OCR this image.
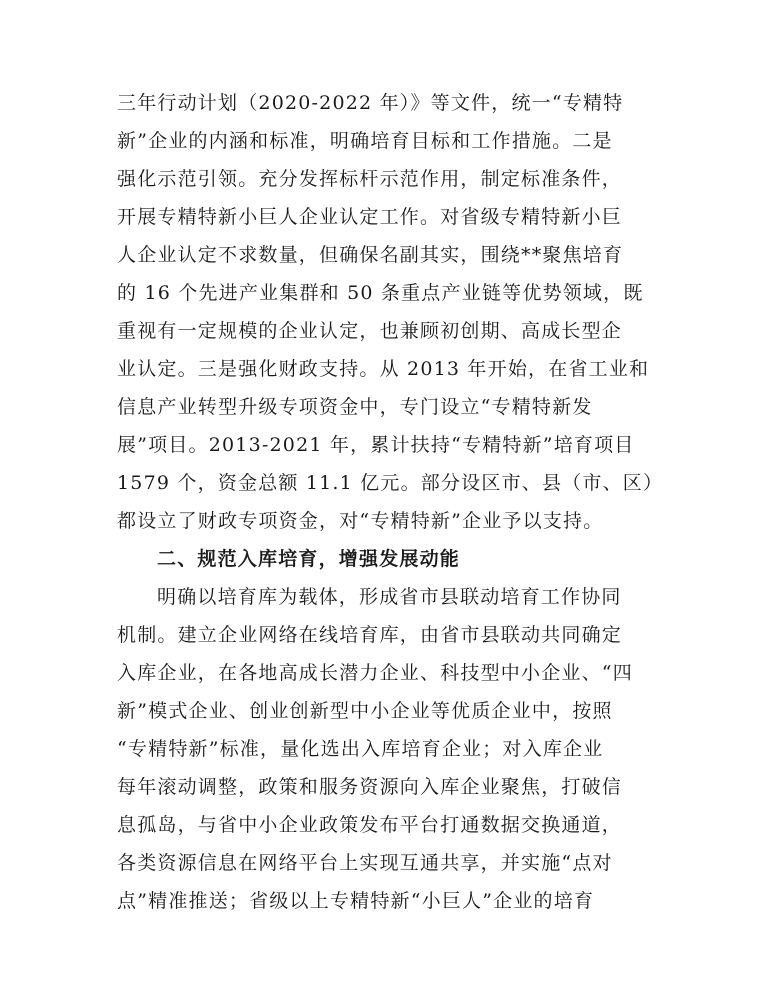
三年行动计划（2020-2022 年）》等文件，统一“专精特
新”企业的内涵和标准，明确培育目标和工作措施。二是
强化示范引领。充分发挥标杆示范作用，制定标准条件，
开展专精特新小巨人企业认定工作。对省级专精特新小巨
人企业认定不求数量，但确保名副其实，围绕**聚焦培育
的 16 个先进产业集群和 50 条重点产业链等优势领域，既
重视有一定规模的企业认定，也兼顾初创期、高成长型企
业认定。三是强化财政支持。从 2013 年开始，在省工业和
信息产业转型升级专项资金中，专门设立“专精特新发
展”项目。2013-2021 年，累计扶持“专精特新”培育项目
1579 个，资金总额 11.1 亿元。部分设区市、县（市、区）
都设立了财政专项资金，对“专精特新”企业予以支持。
二、规范入库培育，增强发展动能
明确以培育库为载体，形成省市县联动培育工作协同
机制。建立企业网络在线培育库，由省市县联动共同确定
入库企业，在各地高成长潜力企业、科技型中小企业、“四
新”模式企业、创业创新型中小企业等优质企业中，按照
“专精特新”标准，量化选出入库培育企业；对入库企业
每年滚动调整，政策和服务资源向入库企业聚焦，打破信
息孤岛，与省中小企业政策发布平台打通数据交换通道，
各类资源信息在网络平台上实现互通共享，并实施“点对
点”精准推送；省级以上专精特新“小巨人”企业的培育
